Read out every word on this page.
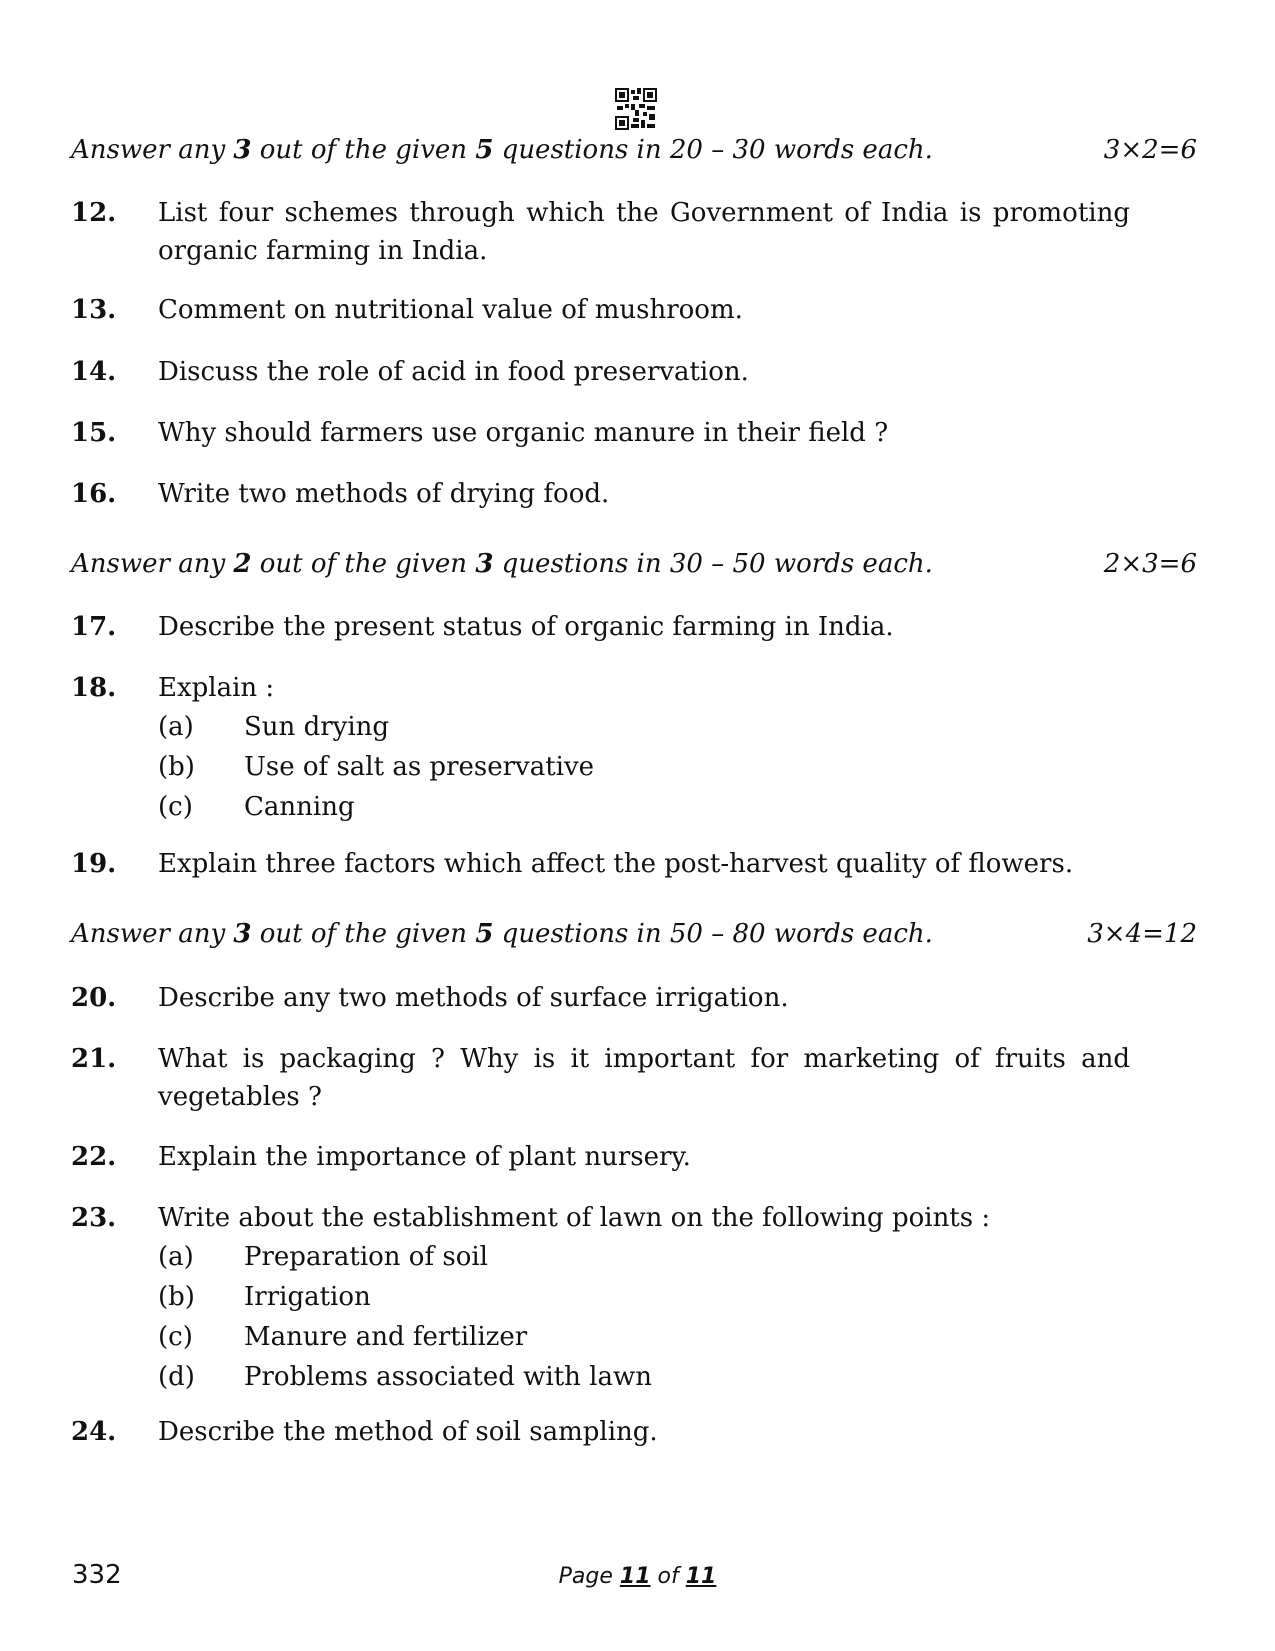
Answer any 3 out of the given 5 questions in 20 – 30 words each.	3×2=6
12. List four schemes through which the Government of India is promoting organic farming in India.
13. Comment on nutritional value of mushroom.
14. Discuss the role of acid in food preservation.
15. Why should farmers use organic manure in their field ?
16. Write two methods of drying food.
Answer any 2 out of the given 3 questions in 30 – 50 words each.	2×3=6
17. Describe the present status of organic farming in India.
18. Explain :
(a)	Sun drying
(b)	Use of salt as preservative
(c)	Canning
19. Explain three factors which affect the post-harvest quality of flowers.
Answer any 3 out of the given 5 questions in 50 – 80 words each.	3×4=12
20. Describe any two methods of surface irrigation.
21. What is packaging ? Why is it important for marketing of fruits and vegetables ?
22. Explain the importance of plant nursery.
23. Write about the establishment of lawn on the following points :
(a)	Preparation of soil
(b)	Irrigation
(c)	Manure and fertilizer
(d)	Problems associated with lawn
24. Describe the method of soil sampling.
332	Page 11 of 11
